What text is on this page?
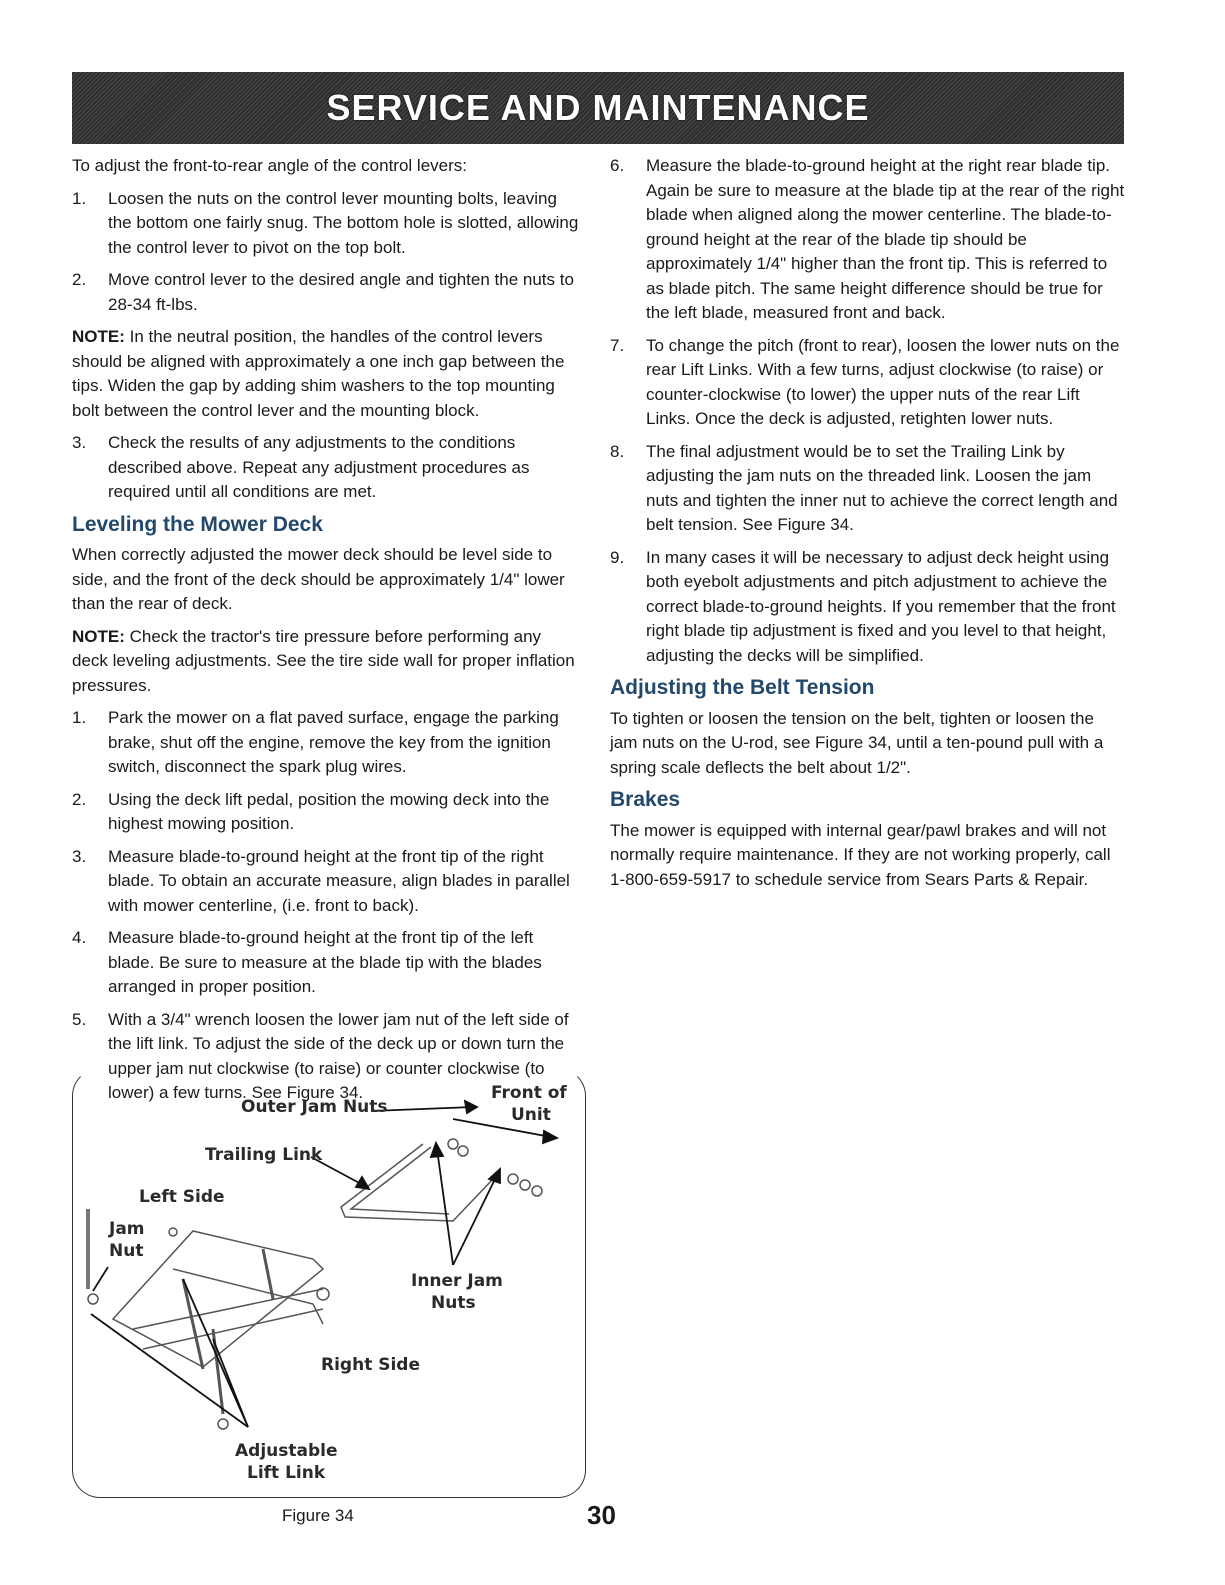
SERVICE AND MAINTENANCE

To adjust the front-to-rear angle of the control levers:

1.	Loosen the nuts on the control lever mounting bolts, leaving the bottom one fairly snug. The bottom hole is slotted, allowing the control lever to pivot on the top bolt.
2.	Move control lever to the desired angle and tighten the nuts to 28-34 ft-lbs.

NOTE: In the neutral position, the handles of the control levers should be aligned with approximately a one inch gap between the tips. Widen the gap by adding shim washers to the top mounting bolt between the control lever and the mounting block.

3.	Check the results of any adjustments to the conditions described above. Repeat any adjustment procedures as required until all conditions are met.
Leveling the Mower Deck

When correctly adjusted the mower deck should be level side to side, and the front of the deck should be approximately 1/4" lower than the rear of deck.

NOTE: Check the tractor's tire pressure before performing any deck leveling adjustments. See the tire side wall for proper inflation pressures.

1.	Park the mower on a flat paved surface, engage the parking brake, shut off the engine, remove the key from the ignition switch, disconnect the spark plug wires.
2.	Using the deck lift pedal, position the mowing deck into the highest mowing position.
3.	Measure blade-to-ground height at the front tip of the right blade. To obtain an accurate measure, align blades in parallel with mower centerline, (i.e. front to back).
4.	Measure blade-to-ground height at the front tip of the left blade. Be sure to measure at the blade tip with the blades arranged in proper position.
5.	With a 3/4" wrench loosen the lower jam nut of the left side of the lift link. To adjust the side of the deck up or down turn the upper jam nut clockwise (to raise) or counter clockwise (to lower) a few turns. See Figure 34.
6.	Measure the blade-to-ground height at the right rear blade tip. Again be sure to measure at the blade tip at the rear of the right blade when aligned along the mower centerline. The blade-to-ground height at the rear of the blade tip should be approximately 1/4" higher than the front tip. This is referred to as blade pitch. The same height difference should be true for the left blade, measured front and back.
7.	To change the pitch (front to rear), loosen the lower nuts on the rear Lift Links. With a few turns, adjust clockwise (to raise) or counter-clockwise (to lower) the upper nuts of the rear Lift Links. Once the deck is adjusted, retighten lower nuts.
8.	The final adjustment would be to set the Trailing Link by adjusting the jam nuts on the threaded link. Loosen the jam nuts and tighten the inner nut to achieve the correct length and belt tension. See Figure 34.
9.	In many cases it will be necessary to adjust deck height using both eyebolt adjustments and pitch adjustment to achieve the correct blade-to-ground heights. If you remember that the front right blade tip adjustment is fixed and you level to that height, adjusting the decks will be simplified.
Adjusting the Belt Tension

To tighten or loosen the tension on the belt, tighten or loosen the jam nuts on the U-rod, see Figure 34, until a ten-pound pull with a spring scale deflects the belt about 1/2".

Brakes

The mower is equipped with internal gear/pawl brakes and will not normally require maintenance. If they are not working properly, call 1-800-659-5917 to schedule service from Sears Parts & Repair.

Outer Jam Nuts
Front of
Unit
Trailing Link
Left Side
Jam
Nut
Inner Jam
Nuts
Right Side
Adjustable
Lift Link
Figure 34	30
